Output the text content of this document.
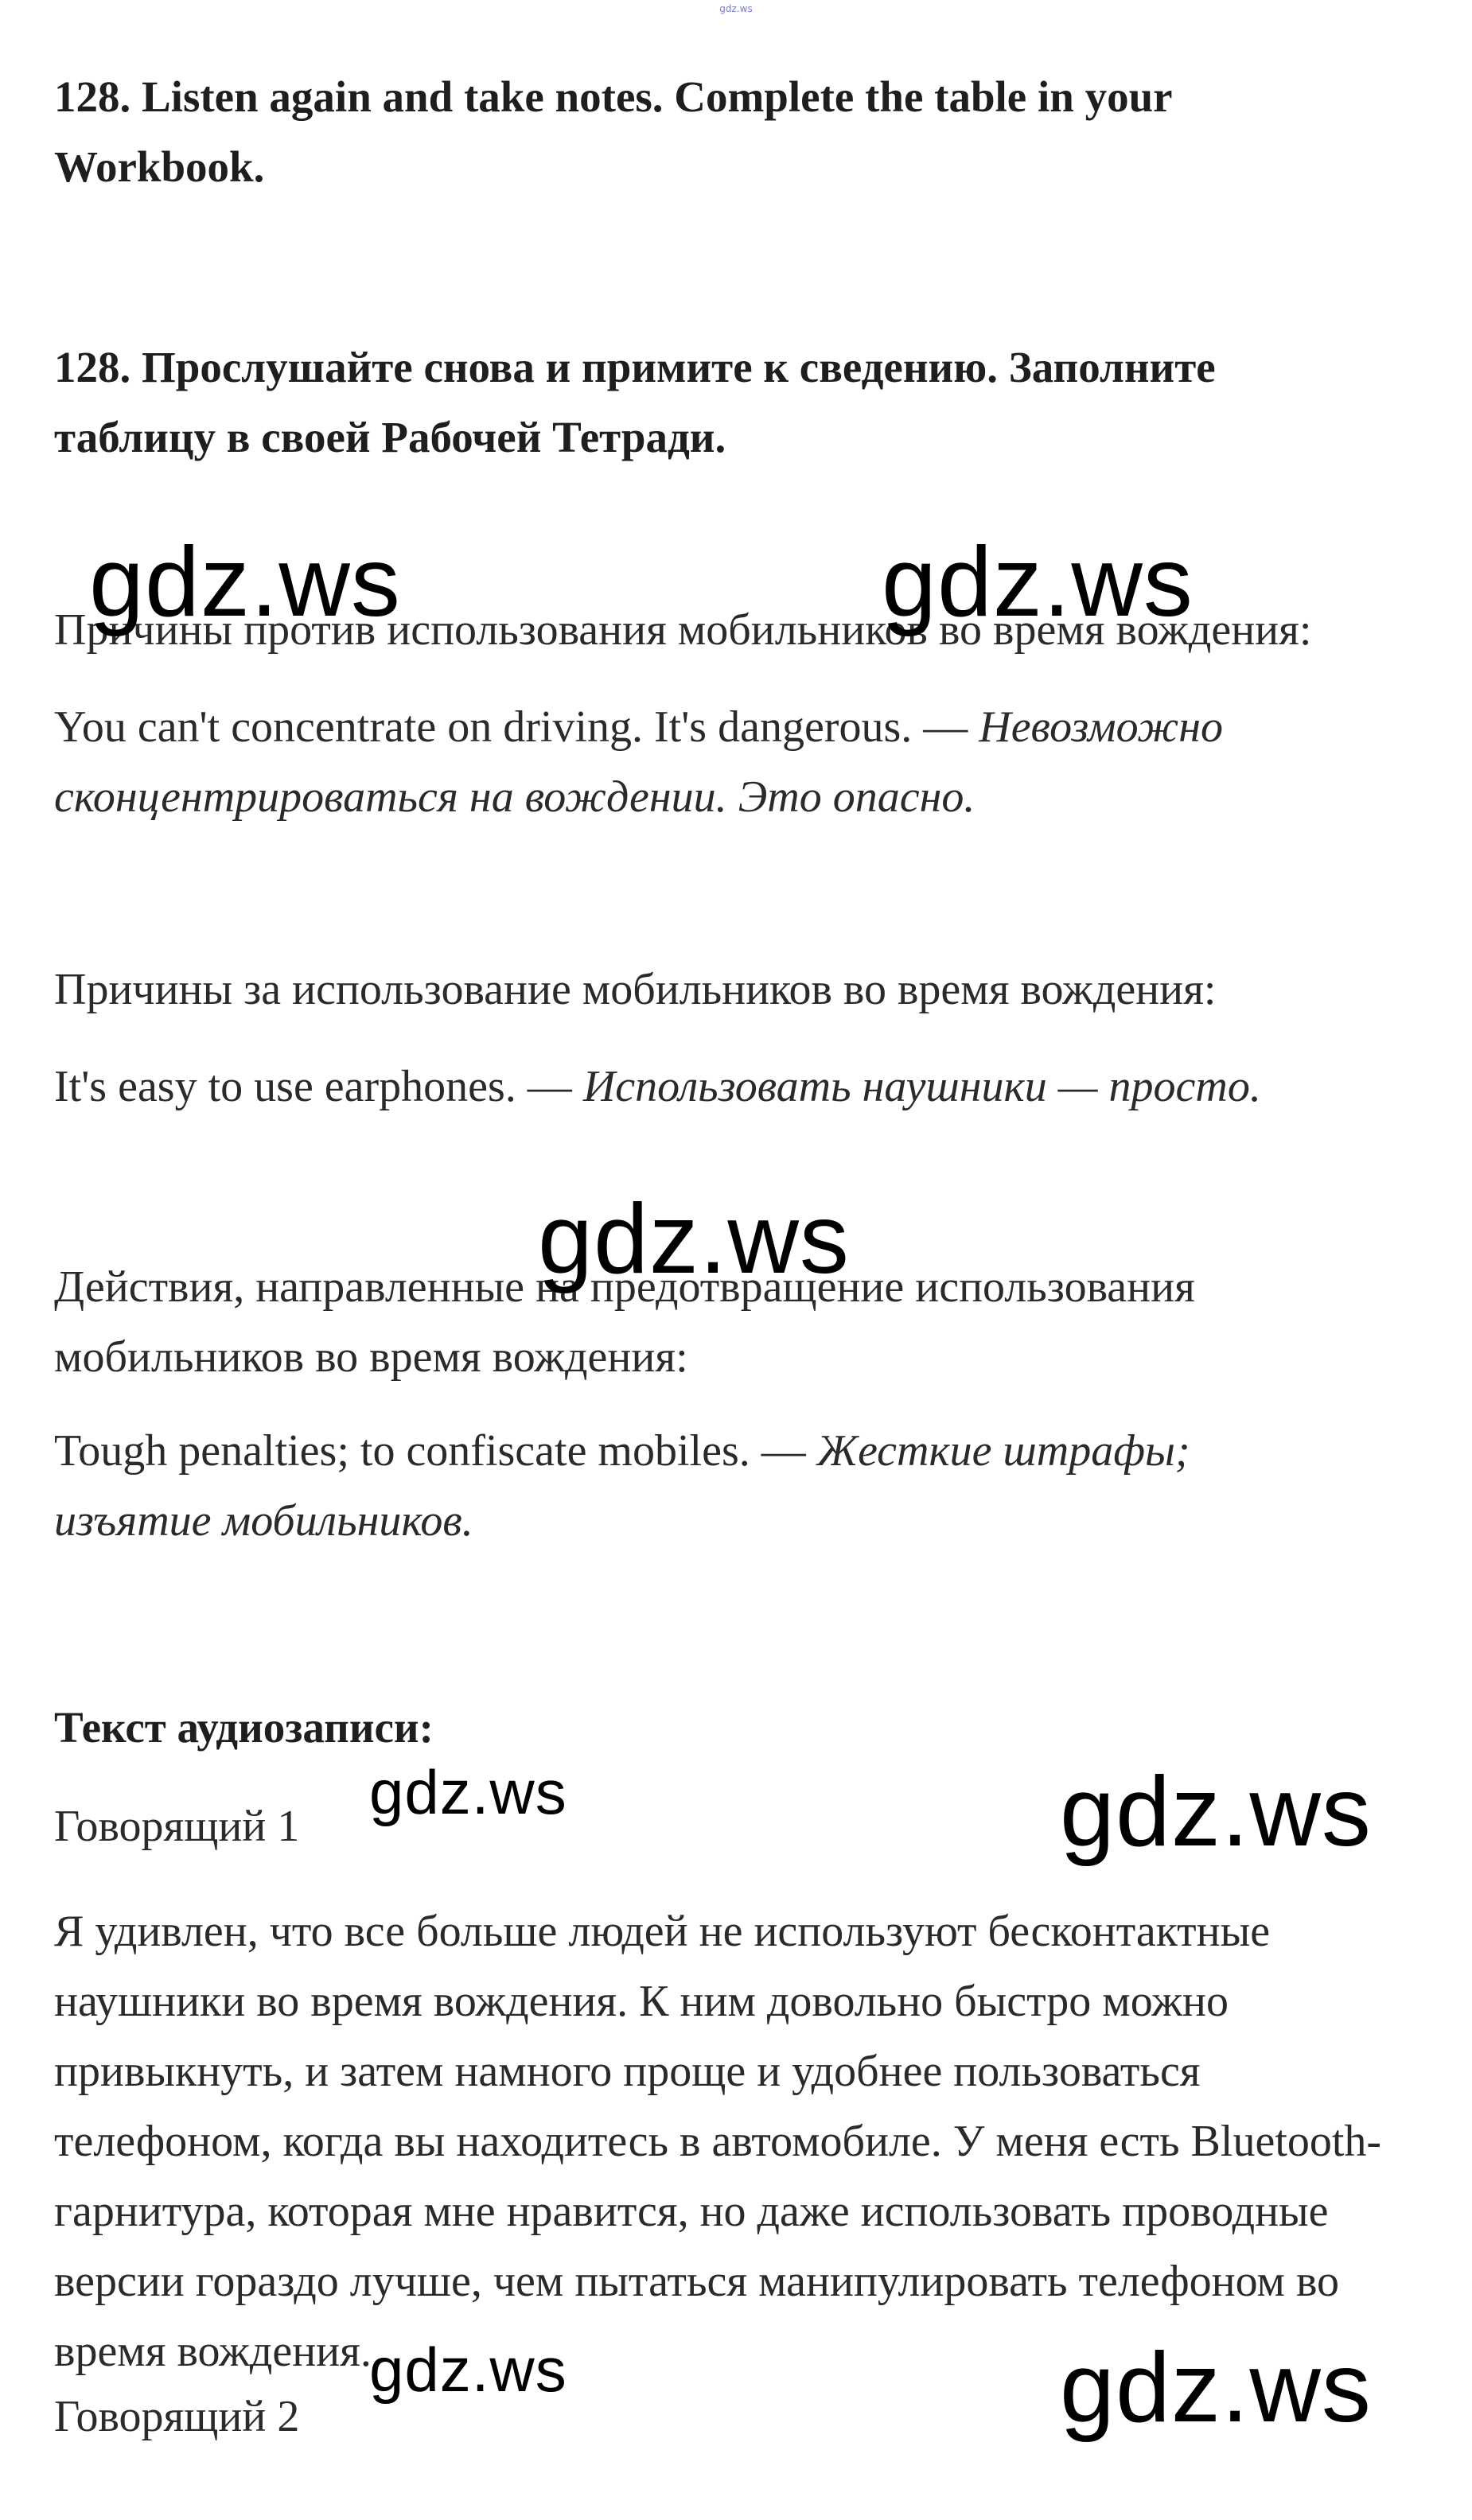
gdz.ws
128. Listen again and take notes. Complete the table in your Workbook.
128. Прослушайте снова и примите к сведению. Заполните таблицу в своей Рабочей Тетради.
Причины против использования мобильников во время вождения:
You can't concentrate on driving. It's dangerous. — Невозможно сконцентрироваться на вождении. Это опасно.
Причины за использование мобильников во время вождения:
It's easy to use earphones. — Использовать наушники — просто.
Действия, направленные на предотвращение использования мобильников во время вождения:
Tough penalties; to confiscate mobiles. — Жесткие штрафы; изъятие мобильников.
Текст аудиозаписи:
Говорящий 1
Я удивлен, что все больше людей не используют бесконтактные наушники во время вождения. К ним довольно быстро можно привыкнуть, и затем намного проще и удобнее пользоваться телефоном, когда вы находитесь в автомобиле. У меня есть Bluetooth-гарнитура, которая мне нравится, но даже использовать проводные версии гораздо лучше, чем пытаться манипулировать телефоном во время вождения.
Говорящий 2
gdz.ws	gdz.ws
gdz.ws
gdz.ws	gdz.ws
gdz.ws	gdz.ws
